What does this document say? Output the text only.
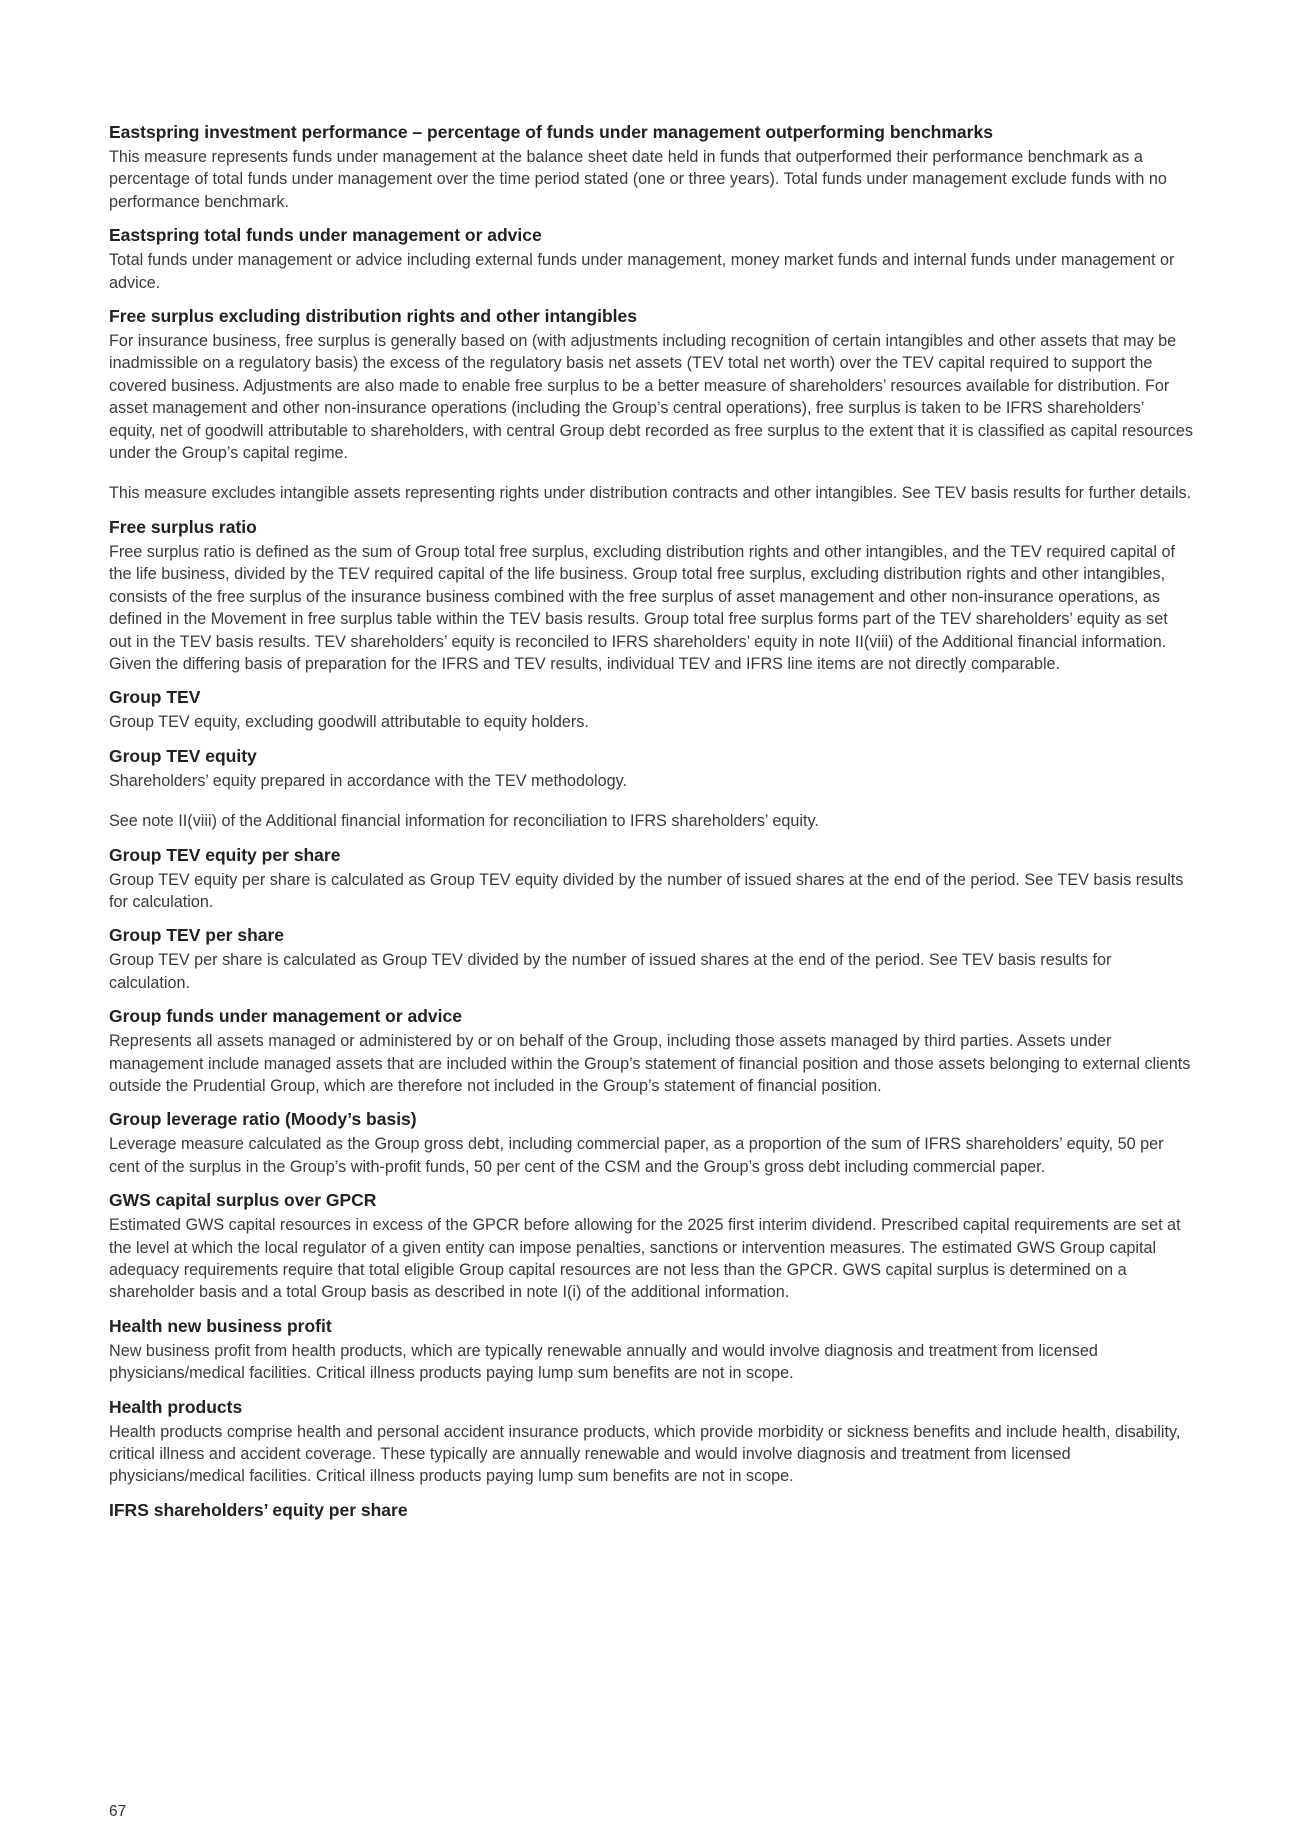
Eastspring investment performance – percentage of funds under management outperforming benchmarks

This measure represents funds under management at the balance sheet date held in funds that outperformed their performance benchmark as a percentage of total funds under management over the time period stated (one or three years). Total funds under management exclude funds with no performance benchmark.

Eastspring total funds under management or advice

Total funds under management or advice including external funds under management, money market funds and internal funds under management or advice.

Free surplus excluding distribution rights and other intangibles

For insurance business, free surplus is generally based on (with adjustments including recognition of certain intangibles and other assets that may be inadmissible on a regulatory basis) the excess of the regulatory basis net assets (TEV total net worth) over the TEV capital required to support the covered business. Adjustments are also made to enable free surplus to be a better measure of shareholders’ resources available for distribution. For asset management and other non-insurance operations (including the Group’s central operations), free surplus is taken to be IFRS shareholders’ equity, net of goodwill attributable to shareholders, with central Group debt recorded as free surplus to the extent that it is classified as capital resources under the Group’s capital regime.

This measure excludes intangible assets representing rights under distribution contracts and other intangibles. See TEV basis results for further details.

Free surplus ratio

Free surplus ratio is defined as the sum of Group total free surplus, excluding distribution rights and other intangibles, and the TEV required capital of the life business, divided by the TEV required capital of the life business. Group total free surplus, excluding distribution rights and other intangibles, consists of the free surplus of the insurance business combined with the free surplus of asset management and other non-insurance operations, as defined in the Movement in free surplus table within the TEV basis results. Group total free surplus forms part of the TEV shareholders’ equity as set out in the TEV basis results. TEV shareholders’ equity is reconciled to IFRS shareholders’ equity in note II(viii) of the Additional financial information. Given the differing basis of preparation for the IFRS and TEV results, individual TEV and IFRS line items are not directly comparable.

Group TEV

Group TEV equity, excluding goodwill attributable to equity holders.

Group TEV equity

Shareholders’ equity prepared in accordance with the TEV methodology.

See note II(viii) of the Additional financial information for reconciliation to IFRS shareholders’ equity.

Group TEV equity per share

Group TEV equity per share is calculated as Group TEV equity divided by the number of issued shares at the end of the period. See TEV basis results for calculation.

Group TEV per share

Group TEV per share is calculated as Group TEV divided by the number of issued shares at the end of the period. See TEV basis results for calculation.

Group funds under management or advice

Represents all assets managed or administered by or on behalf of the Group, including those assets managed by third parties. Assets under management include managed assets that are included within the Group’s statement of financial position and those assets belonging to external clients outside the Prudential Group, which are therefore not included in the Group’s statement of financial position.

Group leverage ratio (Moody’s basis)

Leverage measure calculated as the Group gross debt, including commercial paper, as a proportion of the sum of IFRS shareholders’ equity, 50 per cent of the surplus in the Group’s with-profit funds, 50 per cent of the CSM and the Group’s gross debt including commercial paper.

GWS capital surplus over GPCR

Estimated GWS capital resources in excess of the GPCR before allowing for the 2025 first interim dividend. Prescribed capital requirements are set at the level at which the local regulator of a given entity can impose penalties, sanctions or intervention measures. The estimated GWS Group capital adequacy requirements require that total eligible Group capital resources are not less than the GPCR. GWS capital surplus is determined on a shareholder basis and a total Group basis as described in note I(i) of the additional information.

Health new business profit

New business profit from health products, which are typically renewable annually and would involve diagnosis and treatment from licensed physicians/medical facilities. Critical illness products paying lump sum benefits are not in scope.

Health products

Health products comprise health and personal accident insurance products, which provide morbidity or sickness benefits and include health, disability, critical illness and accident coverage. These typically are annually renewable and would involve diagnosis and treatment from licensed physicians/medical facilities. Critical illness products paying lump sum benefits are not in scope.

IFRS shareholders’ equity per share
67
